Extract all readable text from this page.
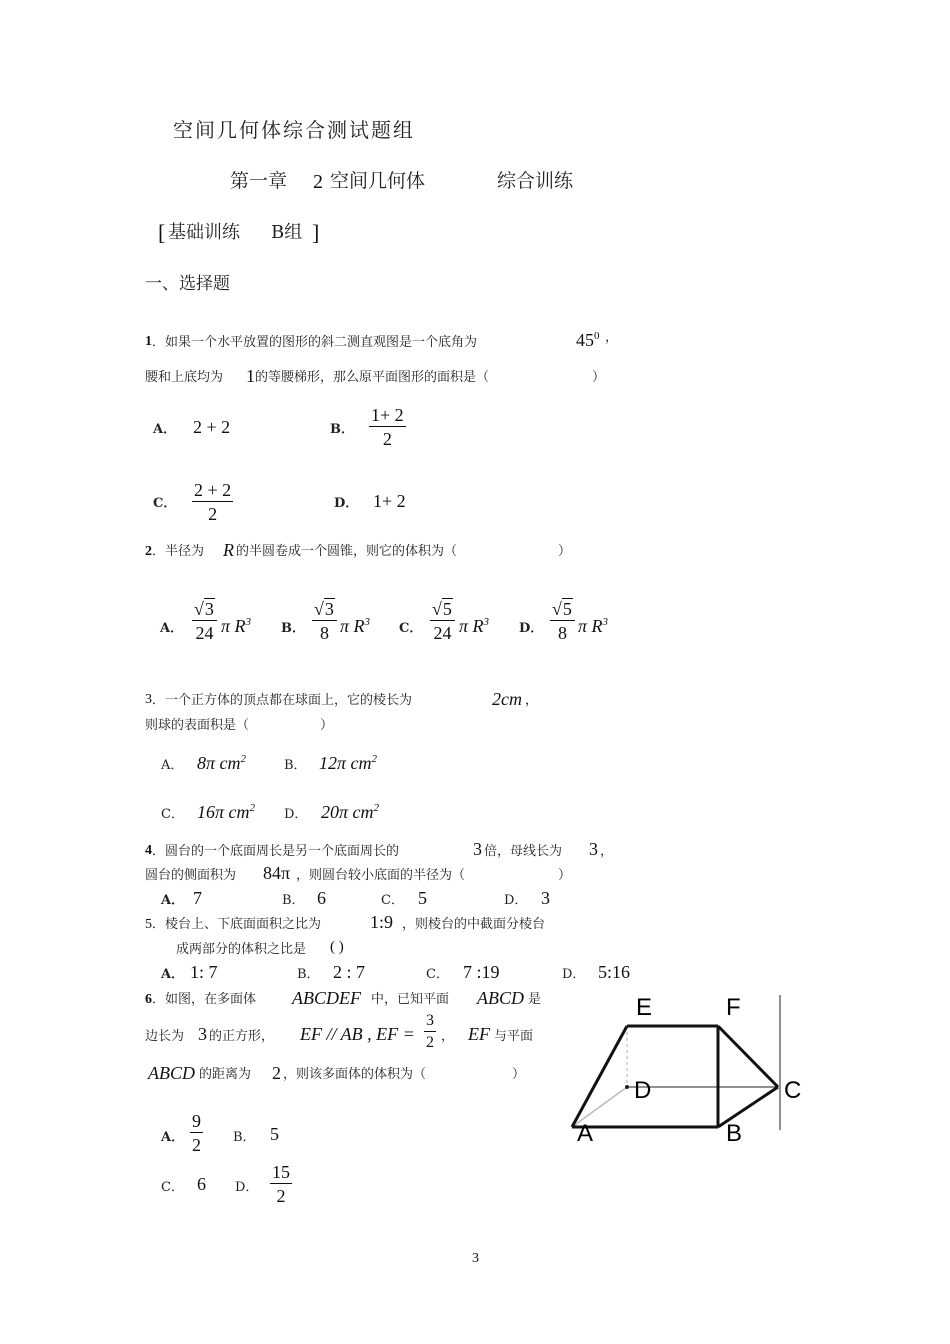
空间几何体综合测试题组
第一章 2 空间几何体	综合训练
[ 基础训练 B组 ]
一、选择题
1 ．如果一个水平放置的图形的斜二测直观图是一个底角为	$45^0$ ，
腰和上底均为 1 的等腰梯形，那么原平面图形的面积是（	）
A． 2 + 2	B． $\frac{1+ 2}{2}$
C． $\frac{2 + 2}{2}$	D． 1+ 2
2 ．半径为 R 的半圆卷成一个圆锥，则它的体积为（	）
A． $\frac{√3}{24}$ π $R^3$ B． $\frac{√3}{8}$ π $R^3$ C． $\frac{√5}{24}$ π $R^3$ D． $\frac{√5}{8}$ π $R^3$
3 ．一个正方体的顶点都在球面上，它的棱长为	2cm ，
则球的表面积是（	）
A． 8π $cm^2$	B． 12π $cm^2$
C． 16π $cm^2$ D． 20π $cm^2$
4 ．圆台的一个底面周长是另一个底面周长的	3 倍，母线长为 3 ，
圆台的侧面积为 84π ，则圆台较小底面的半径为（	）
A． 7	B． 6	C． 5	D． 3
5 ．棱台上、下底面面积之比为	1:9 ，则棱台的中截面分棱台
成两部分的体积之比是 ( )
A． 1: 7	B． 2 : 7	C． 7 :19	D． 5:16
6 ．如图，在多面体 ABCDEF 中，已知平面 ABCD 是
边长为 3 的正方形， EF // AB , EF = $\frac{3}{2}$ ， EF 与平面
ABCD 的距离为 2 ，则该多面体的体积为（	）
A． $\frac{9}{2}$ B． 5
C． 6 D． $\frac{15}{2}$
E	F
D	C
A	B
3
